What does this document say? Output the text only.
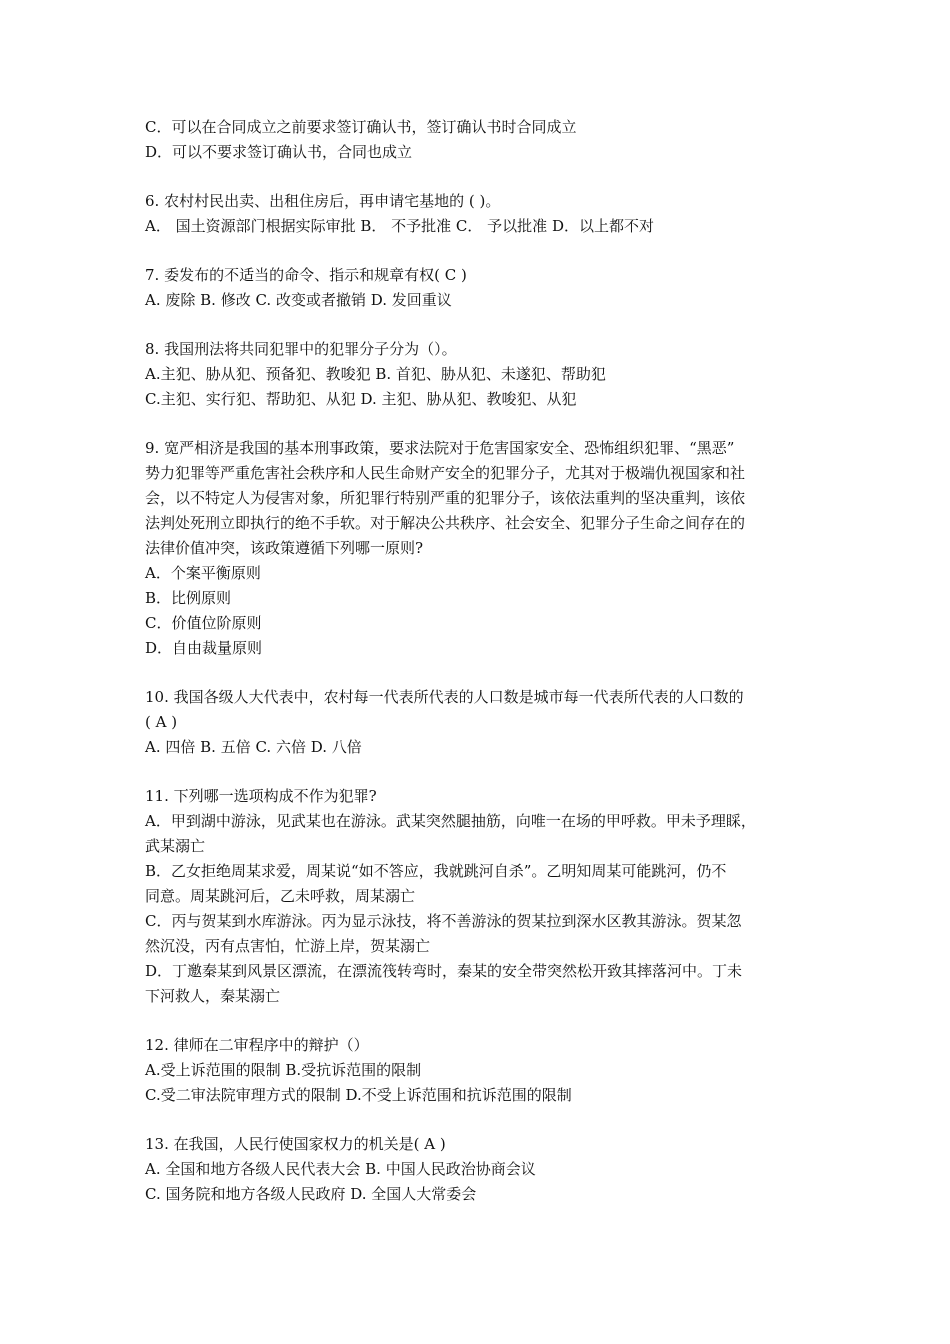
C．可以在合同成立之前要求签订确认书，签订确认书时合同成立
D．可以不要求签订确认书，合同也成立
6. 农村村民出卖、出租住房后，再申请宅基地的 ( )。
A． 国土资源部门根据实际审批 B． 不予批准 C． 予以批准 D．以上都不对
7. 委发布的不适当的命令、指示和规章有权( C )
A. 废除 B. 修改 C. 改变或者撤销 D. 发回重议
8. 我国刑法将共同犯罪中的犯罪分子分为（）。
A.主犯、胁从犯、预备犯、教唆犯 B. 首犯、胁从犯、未遂犯、帮助犯
C.主犯、实行犯、帮助犯、从犯 D. 主犯、胁从犯、教唆犯、从犯
9. 宽严相济是我国的基本刑事政策，要求法院对于危害国家安全、恐怖组织犯罪、“黑恶”
势力犯罪等严重危害社会秩序和人民生命财产安全的犯罪分子，尤其对于极端仇视国家和社
会，以不特定人为侵害对象，所犯罪行特别严重的犯罪分子，该依法重判的坚决重判，该依
法判处死刑立即执行的绝不手软。对于解决公共秩序、社会安全、犯罪分子生命之间存在的
法律价值冲突，该政策遵循下列哪一原则?
A．个案平衡原则
B．比例原则
C．价值位阶原则
D．自由裁量原则
10. 我国各级人大代表中，农村每一代表所代表的人口数是城市每一代表所代表的人口数的
( A )
A. 四倍 B. 五倍 C. 六倍 D. 八倍
11. 下列哪一选项构成不作为犯罪?
A．甲到湖中游泳，见武某也在游泳。武某突然腿抽筋，向唯一在场的甲呼救。甲未予理睬，
武某溺亡
B．乙女拒绝周某求爱，周某说“如不答应，我就跳河自杀”。乙明知周某可能跳河，仍不
同意。周某跳河后，乙未呼救，周某溺亡
C．丙与贺某到水库游泳。丙为显示泳技，将不善游泳的贺某拉到深水区教其游泳。贺某忽
然沉没，丙有点害怕，忙游上岸，贺某溺亡
D．丁邀秦某到风景区漂流，在漂流筏转弯时，秦某的安全带突然松开致其摔落河中。丁未
下河救人，秦某溺亡
12. 律师在二审程序中的辩护（）
A.受上诉范围的限制 B.受抗诉范围的限制
C.受二审法院审理方式的限制 D.不受上诉范围和抗诉范围的限制
13. 在我国，人民行使国家权力的机关是( A )
A. 全国和地方各级人民代表大会 B. 中国人民政治协商会议
C. 国务院和地方各级人民政府 D. 全国人大常委会
